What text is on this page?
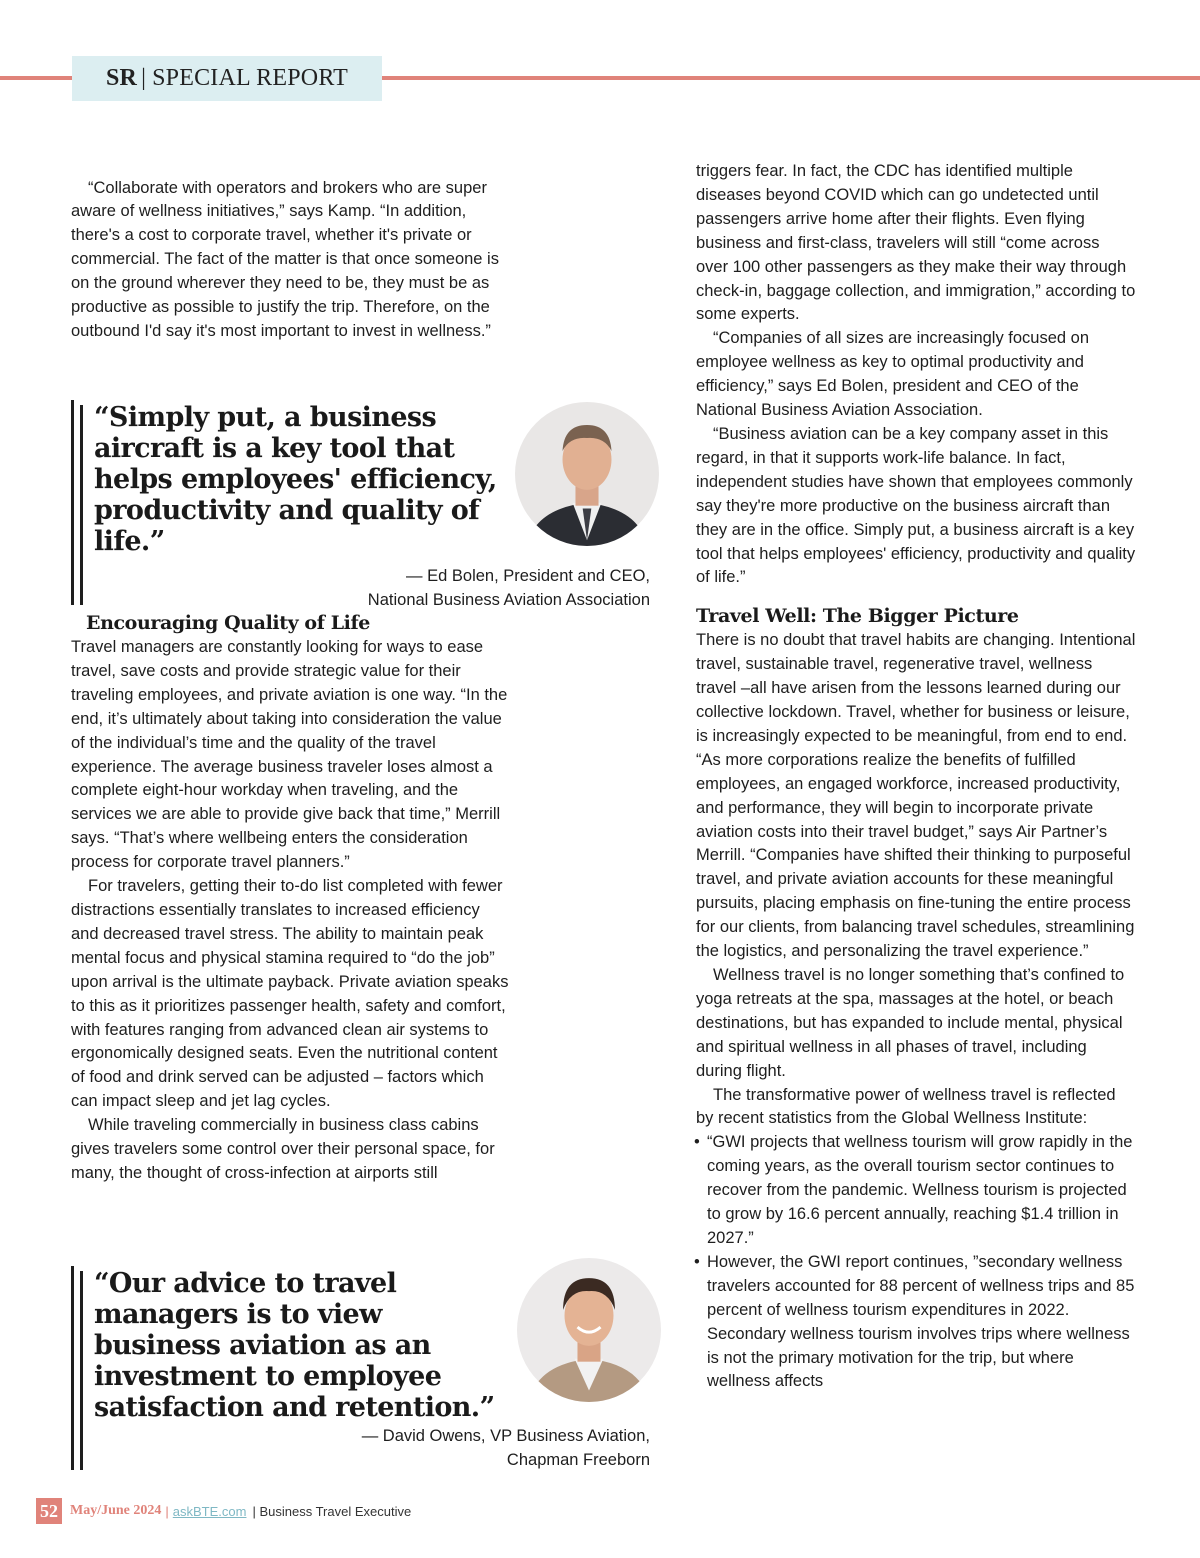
SR | SPECIAL REPORT

“Collaborate with operators and brokers who are super aware of wellness initiatives,” says Kamp. “In addition, there's a cost to corporate travel, whether it's private or commercial. The fact of the matter is that once someone is on the ground wherever they need to be, they must be as productive as possible to justify the trip. Therefore, on the outbound I'd say it's most important to invest in wellness.”

“Simply put, a business aircraft is a key tool that helps employees' efficiency, productivity and quality of life.”
— Ed Bolen, President and CEO,
National Business Aviation Association
Encouraging Quality of Life

Travel managers are constantly looking for ways to ease travel, save costs and provide strategic value for their traveling employees, and private aviation is one way. “In the end, it’s ultimately about taking into consideration the value of the individual’s time and the quality of the travel experience. The average business traveler loses almost a complete eight-hour workday when traveling, and the services we are able to provide give back that time,” Merrill says. “That’s where wellbeing enters the consideration process for corporate travel planners.”

For travelers, getting their to-do list completed with fewer distractions essentially translates to increased efficiency and decreased travel stress. The ability to maintain peak mental focus and physical stamina required to “do the job” upon arrival is the ultimate payback. Private aviation speaks to this as it prioritizes passenger health, safety and comfort, with features ranging from advanced clean air systems to ergonomically designed seats. Even the nutritional content of food and drink served can be adjusted – factors which can impact sleep and jet lag cycles.

While traveling commercially in business class cabins gives travelers some control over their personal space, for many, the thought of cross-infection at airports still

“Our advice to travel managers is to view business aviation as an investment to employee satisfaction and retention.”
— David Owens, VP Business Aviation,
Chapman Freeborn

triggers fear. In fact, the CDC has identified multiple diseases beyond COVID which can go undetected until passengers arrive home after their flights. Even flying business and first-class, travelers will still “come across over 100 other passengers as they make their way through check-in, baggage collection, and immigration,” according to some experts.

“Companies of all sizes are increasingly focused on employee wellness as key to optimal productivity and efficiency,” says Ed Bolen, president and CEO of the National Business Aviation Association.

“Business aviation can be a key company asset in this regard, in that it supports work-life balance. In fact, independent studies have shown that employees commonly say they're more productive on the business aircraft than they are in the office. Simply put, a business aircraft is a key tool that helps employees' efficiency, productivity and quality of life.”

Travel Well: The Bigger Picture

There is no doubt that travel habits are changing. Intentional travel, sustainable travel, regenerative travel, wellness travel –all have arisen from the lessons learned during our collective lockdown. Travel, whether for business or leisure, is increasingly expected to be meaningful, from end to end. “As more corporations realize the benefits of fulfilled employees, an engaged workforce, increased productivity, and performance, they will begin to incorporate private aviation costs into their travel budget,” says Air Partner’s Merrill. “Companies have shifted their thinking to purposeful travel, and private aviation accounts for these meaningful pursuits, placing emphasis on fine-tuning the entire process for our clients, from balancing travel schedules, streamlining the logistics, and personalizing the travel experience.”

Wellness travel is no longer something that’s confined to yoga retreats at the spa, massages at the hotel, or beach destinations, but has expanded to include mental, physical and spiritual wellness in all phases of travel, including during flight.

The transformative power of wellness travel is reflected by recent statistics from the Global Wellness Institute:

• “GWI projects that wellness tourism will grow rapidly in the coming years, as the overall tourism sector continues to recover from the pandemic. Wellness tourism is projected to grow by 16.6 percent annually, reaching $1.4 trillion in 2027.”
• However, the GWI report continues, ”secondary wellness travelers accounted for 88 percent of wellness trips and 85 percent of wellness tourism expenditures in 2022. Secondary wellness tourism involves trips where wellness is not the primary motivation for the trip, but where wellness affects
52 May/June 2024 | askBTE.com | Business Travel Executive
